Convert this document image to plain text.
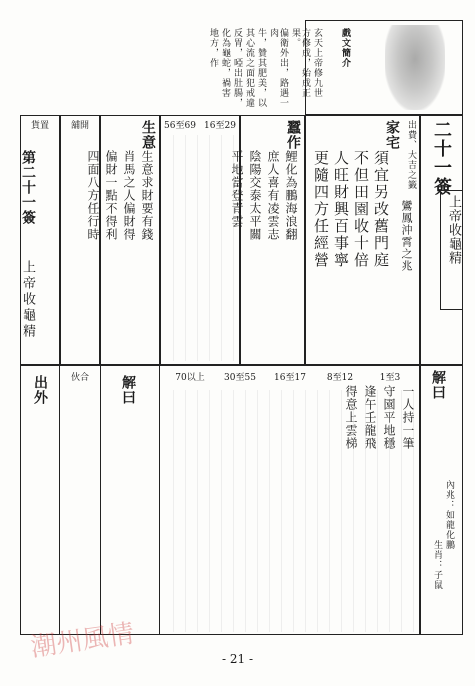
第二十一簽
上帝收龜精
戲文簡介
玄天上帝修九世
方修成，始成正果。
偏衛外出，路遇一肉
牛，贊其肥美，以
其心流之面犯戒違
反胃，啞出肚腸，
化為龜蛇，禍害
地方，作
二十一簽
上帝收龜精
出費、大吉之籤
鸞鳳沖霄之兆
家宅
須宜另改舊門庭
不但田園收十倍
人旺財興百事寧
更隨四方任經營
蠶作
鯉化為鵬海浪翻
庶人喜有凌雲志
陰陽交泰太平關
平地當登青雲
56至69 16至29
生意
生意求財要有錢
肖馬之人偏財得
偏財一點不得利
四面八方任行時
舖開
貨置
解曰
一人持一筆
守園平地穩
逢午壬龍飛
得意上雲梯
內兆：如龍化鵬
生肖：子鼠
出外	伙合	解曰	70以上	30至55	16至17	8至12	1至3
- 21 -
潮州風情
